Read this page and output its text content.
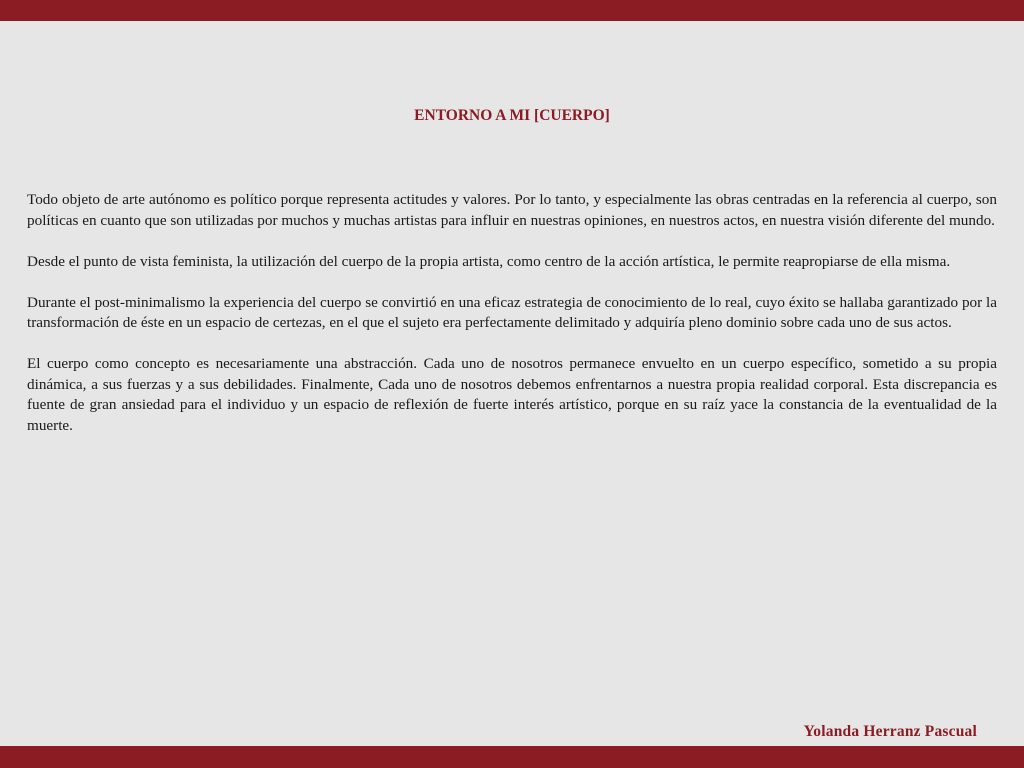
ENTORNO A MI [CUERPO]

Todo objeto de arte autónomo es político porque representa actitudes y valores. Por lo tanto, y especialmente las obras centradas en la referencia al cuerpo, son políticas en cuanto que son utilizadas por muchos y muchas artistas para influir en nuestras opiniones, en nuestros actos, en nuestra visión diferente del mundo.

Desde el punto de vista feminista, la utilización del cuerpo de la propia artista, como centro de la acción artística, le permite reapropiarse de ella misma.

Durante el post-minimalismo la experiencia del cuerpo se convirtió en una eficaz estrategia de conocimiento de lo real, cuyo éxito se hallaba garantizado por la transformación de éste en un espacio de certezas, en el que el sujeto era perfectamente delimitado y adquiría pleno dominio sobre cada uno de sus actos.

El cuerpo como concepto es necesariamente una abstracción. Cada uno de nosotros permanece envuelto en un cuerpo específico, sometido a su propia dinámica, a sus fuerzas y a sus debilidades. Finalmente, Cada uno de nosotros debemos enfrentarnos a nuestra propia realidad corporal. Esta discrepancia es fuente de gran ansiedad para el individuo y un espacio de reflexión de fuerte interés artístico, porque en su raíz yace la constancia de la eventualidad de la muerte.

Yolanda Herranz Pascual
